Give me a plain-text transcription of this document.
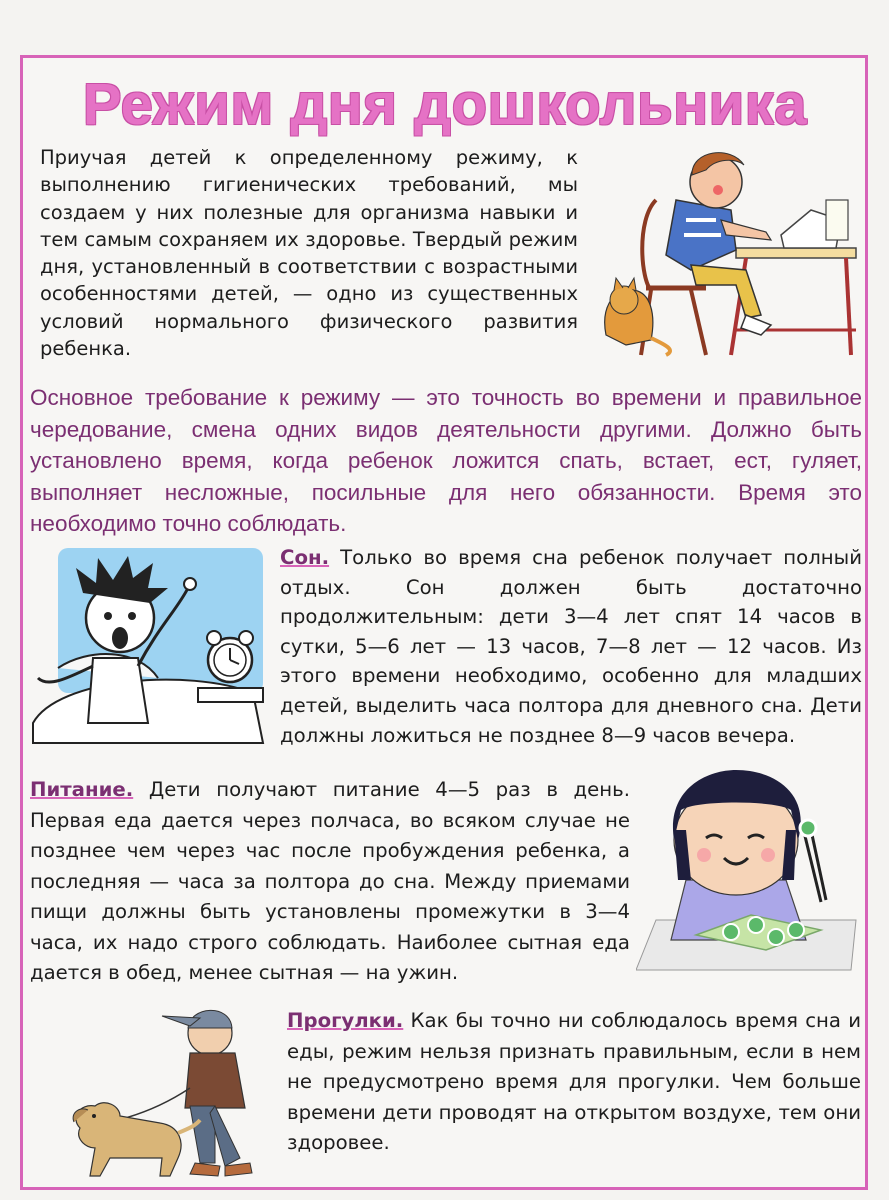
Режим дня дошкольника
Приучая детей к определенному режиму, к выполнению гигиенических требований, мы создаем у них полезные для организма навыки и тем самым сохраняем их здоровье. Твердый режим дня, установленный в соответствии с возрастными особенностями детей, — одно из существенных условий нормального физического развития ребенка.
Основное требование к режиму — это точность во времени и правильное чередование, смена одних видов деятельности другими. Должно быть установлено время, когда ребенок ложится спать, встает, ест, гуляет, выполняет несложные, посильные для него обязанности. Время это необходимо точно соблюдать.
Сон. Только во время сна ребенок получает полный отдых. Сон должен быть достаточно продолжительным: дети 3—4 лет спят 14 часов в сутки, 5—6 лет — 13 часов, 7—8 лет — 12 часов. Из этого времени необходимо, особенно для младших детей, выделить часа полтора для дневного сна. Дети должны ложиться не позднее 8—9 часов вечера.
Питание. Дети получают питание 4—5 раз в день. Первая еда дается через полчаса, во всяком случае не позднее чем через час после пробуждения ребенка, а последняя — часа за полтора до сна. Между приемами пищи должны быть установлены промежутки в 3—4 часа, их надо строго соблюдать. Наиболее сытная еда дается в обед, менее сытная — на ужин.
Прогулки. Как бы точно ни соблюдалось время сна и еды, режим нельзя признать правильным, если в нем не предусмотрено время для прогулки. Чем больше времени дети проводят на открытом воздухе, тем они здоровее.
